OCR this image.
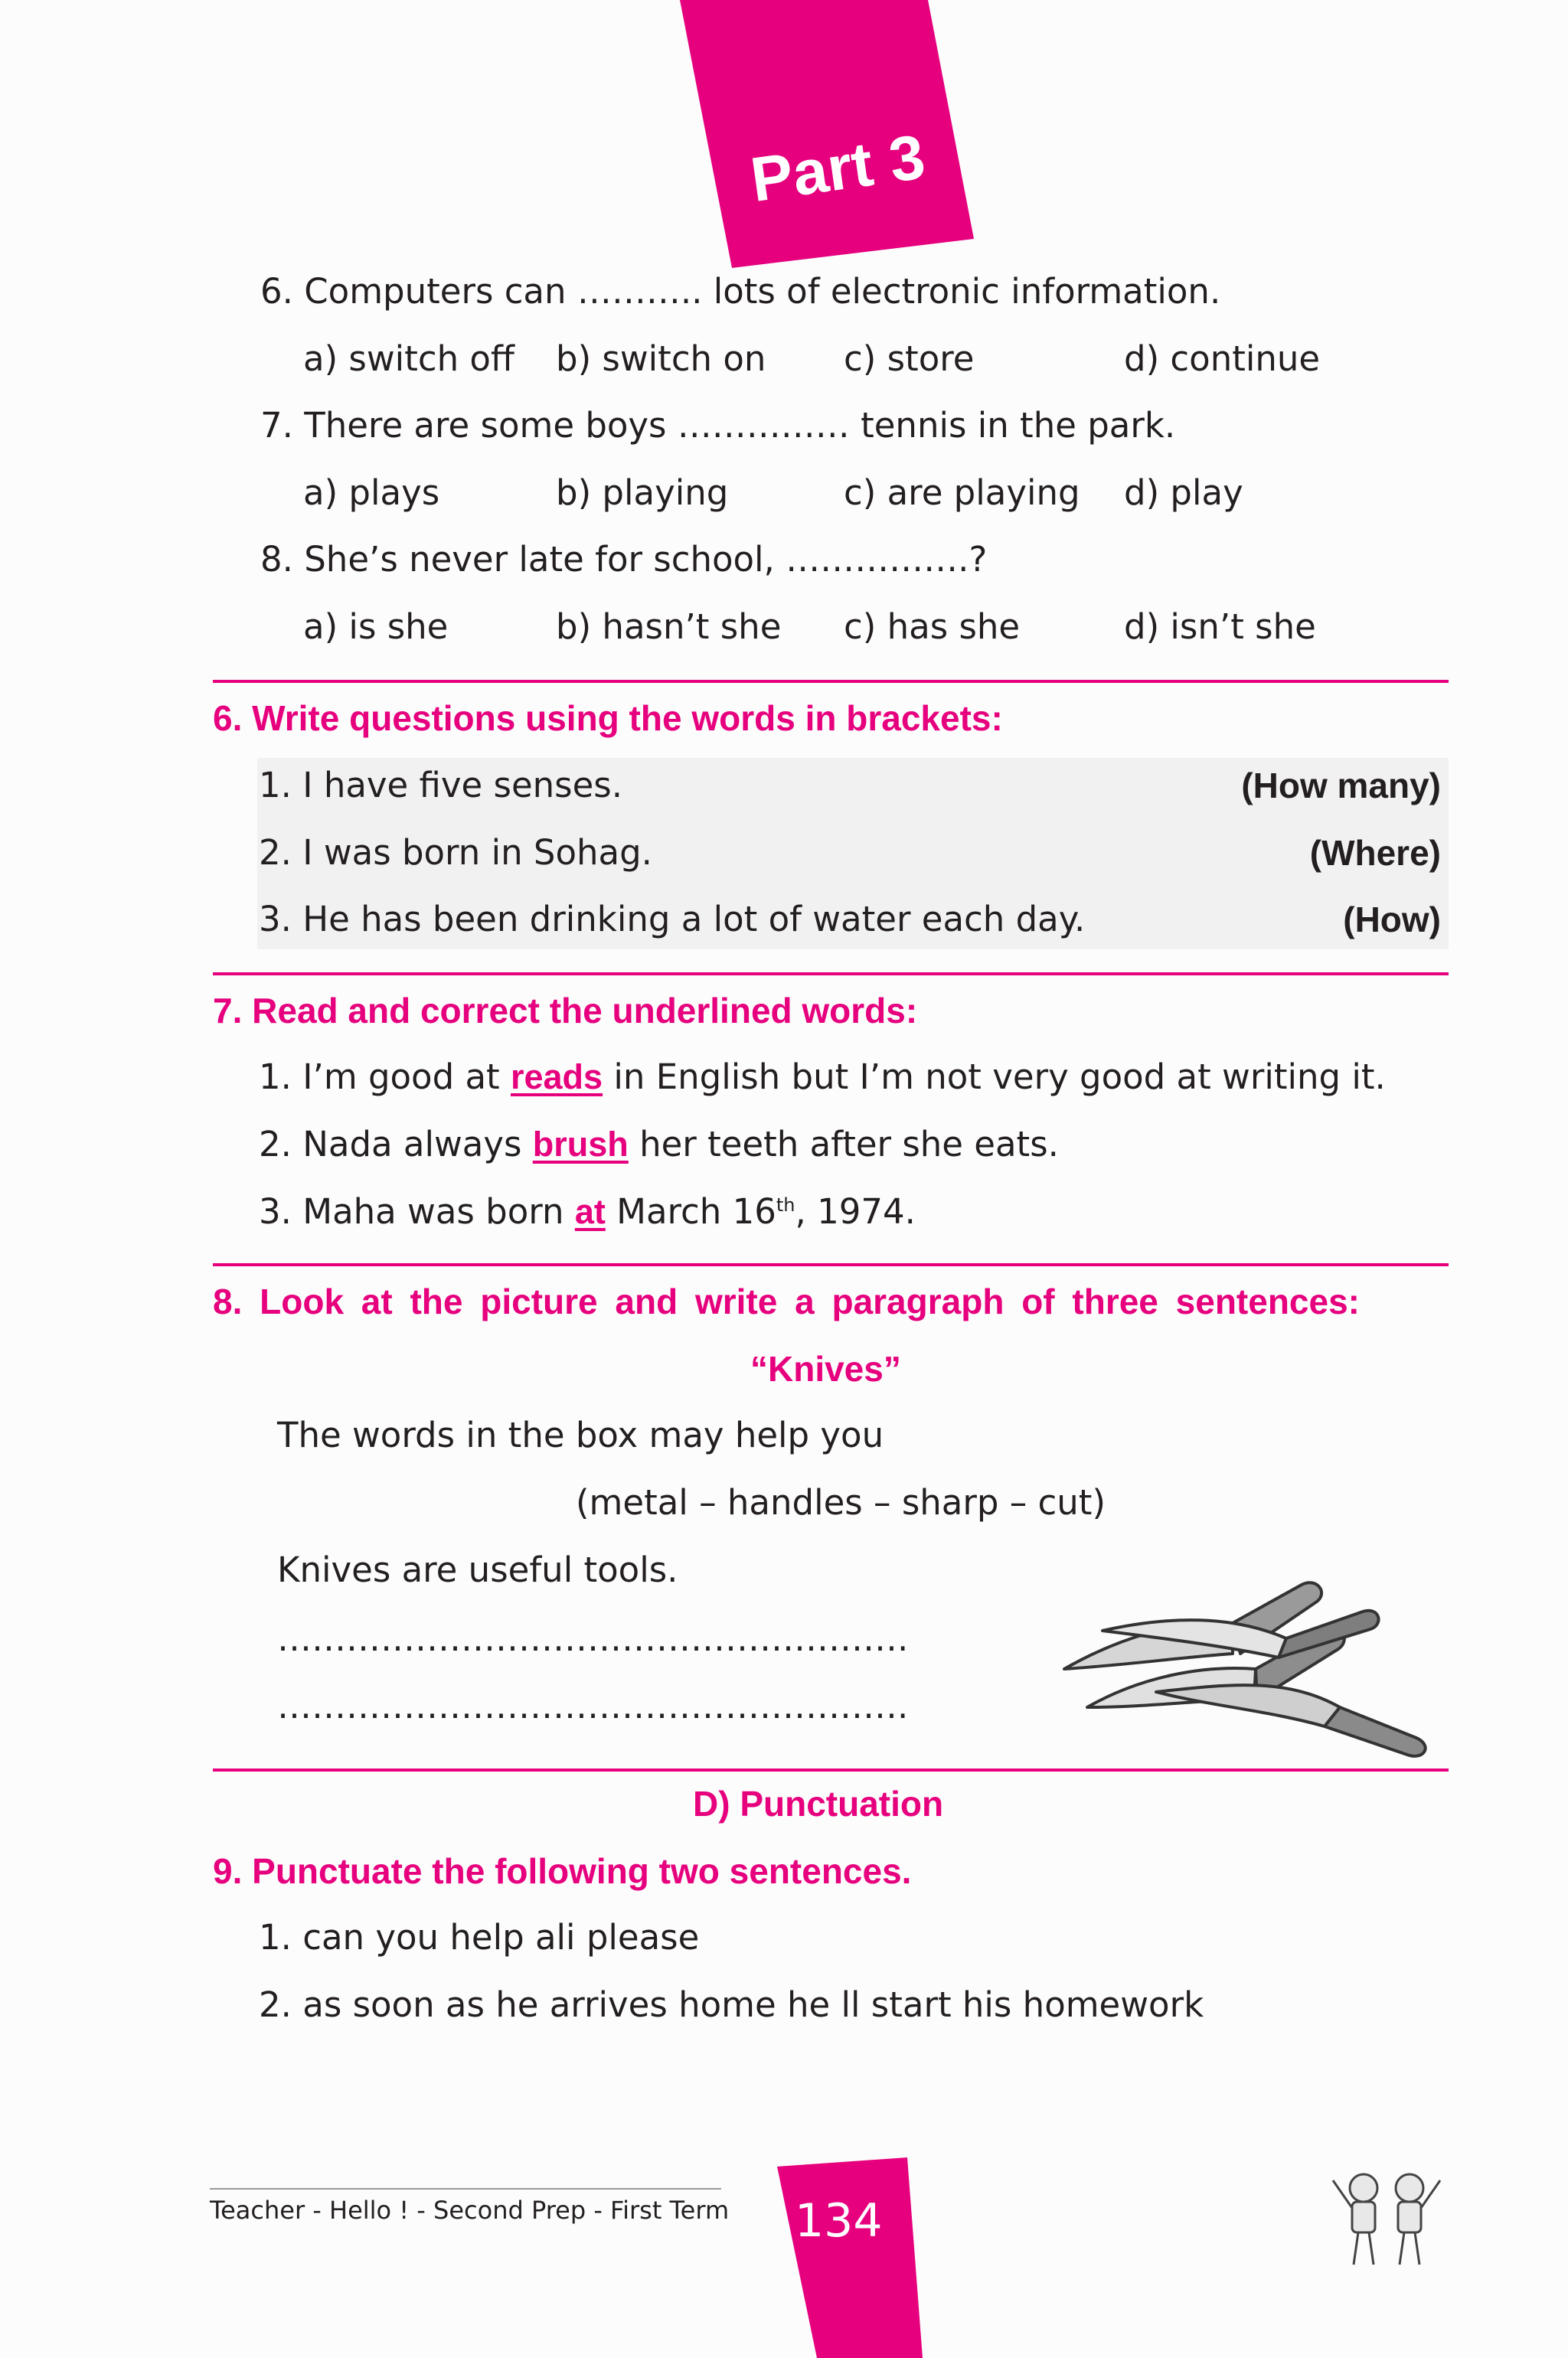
Part 3
6. Computers can ……….. lots of electronic information.
a) switch off b) switch on c) store	d) continue
7. There are some boys …………… tennis in the park.
a) plays	b) playing	c) are playing d) play
8. She’s never late for school, …………….?
a) is she	b) hasn’t she c) has she	d) isn’t she
6. Write questions using the words in brackets:
1. I have ﬁve senses.	(How many)
2. I was born in Sohag.	(Where)
3. He has been drinking a lot of water each day.	(How)
7. Read and correct the underlined words:
1. I’m good at reads in English but I’m not very good at writing it.
2. Nada always brush her teeth after she eats.
3. Maha was born at March 16th, 1974.
8. Look at the picture and write a paragraph of three sentences:
“Knives”
The words in the box may help you
(metal – handles – sharp – cut)
Knives are useful tools.
……………………………………………….
……………………………………………….
D) Punctuation
9. Punctuate the following two sentences.
1. can you help ali please
2. as soon as he arrives home he ll start his homework
Teacher - Hello ! - Second Prep - First Term 134
